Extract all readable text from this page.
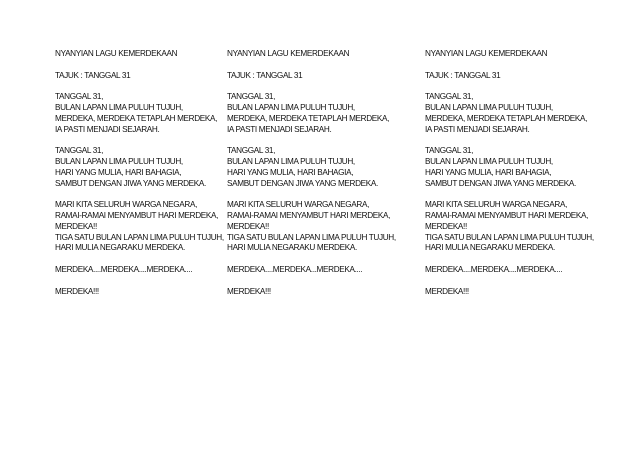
NYANYIAN LAGU KEMERDEKAAN
TAJUK : TANGGAL 31
TANGGAL 31,
BULAN LAPAN LIMA PULUH TUJUH,
MERDEKA, MERDEKA TETAPLAH MERDEKA,
IA PASTI MENJADI SEJARAH.
TANGGAL 31,
BULAN LAPAN LIMA PULUH TUJUH,
HARI YANG MULIA, HARI BAHAGIA,
SAMBUT DENGAN JIWA YANG MERDEKA.
MARI KITA SELURUH WARGA NEGARA,
RAMAI-RAMAI MENYAMBUT HARI MERDEKA,
MERDEKA!!
TIGA SATU BULAN LAPAN LIMA PULUH TUJUH,
HARI MULIA NEGARAKU MERDEKA.
MERDEKA....MERDEKA....MERDEKA....
MERDEKA!!!
NYANYIAN LAGU KEMERDEKAAN
TAJUK : TANGGAL 31
TANGGAL 31,
BULAN LAPAN LIMA PULUH TUJUH,
MERDEKA, MERDEKA TETAPLAH MERDEKA,
IA PASTI MENJADI SEJARAH.
TANGGAL 31,
BULAN LAPAN LIMA PULUH TUJUH,
HARI YANG MULIA, HARI BAHAGIA,
SAMBUT DENGAN JIWA YANG MERDEKA.
MARI KITA SELURUH WARGA NEGARA,
RAMAI-RAMAI MENYAMBUT HARI MERDEKA,
MERDEKA!!
TIGA SATU BULAN LAPAN LIMA PULUH TUJUH,
HARI MULIA NEGARAKU MERDEKA.
MERDEKA....MERDEKA...MERDEKA....
MERDEKA!!!
NYANYIAN LAGU KEMERDEKAAN
TAJUK : TANGGAL 31
TANGGAL 31,
BULAN LAPAN LIMA PULUH TUJUH,
MERDEKA, MERDEKA TETAPLAH MERDEKA,
IA PASTI MENJADI SEJARAH.
TANGGAL 31,
BULAN LAPAN LIMA PULUH TUJUH,
HARI YANG MULIA, HARI BAHAGIA,
SAMBUT DENGAN JIWA YANG MERDEKA.
MARI KITA SELURUH WARGA NEGARA,
RAMAI-RAMAI MENYAMBUT HARI MERDEKA,
MERDEKA!!
TIGA SATU BULAN LAPAN LIMA PULUH TUJUH,
HARI MULIA NEGARAKU MERDEKA.
MERDEKA....MERDEKA....MERDEKA....
MERDEKA!!!
